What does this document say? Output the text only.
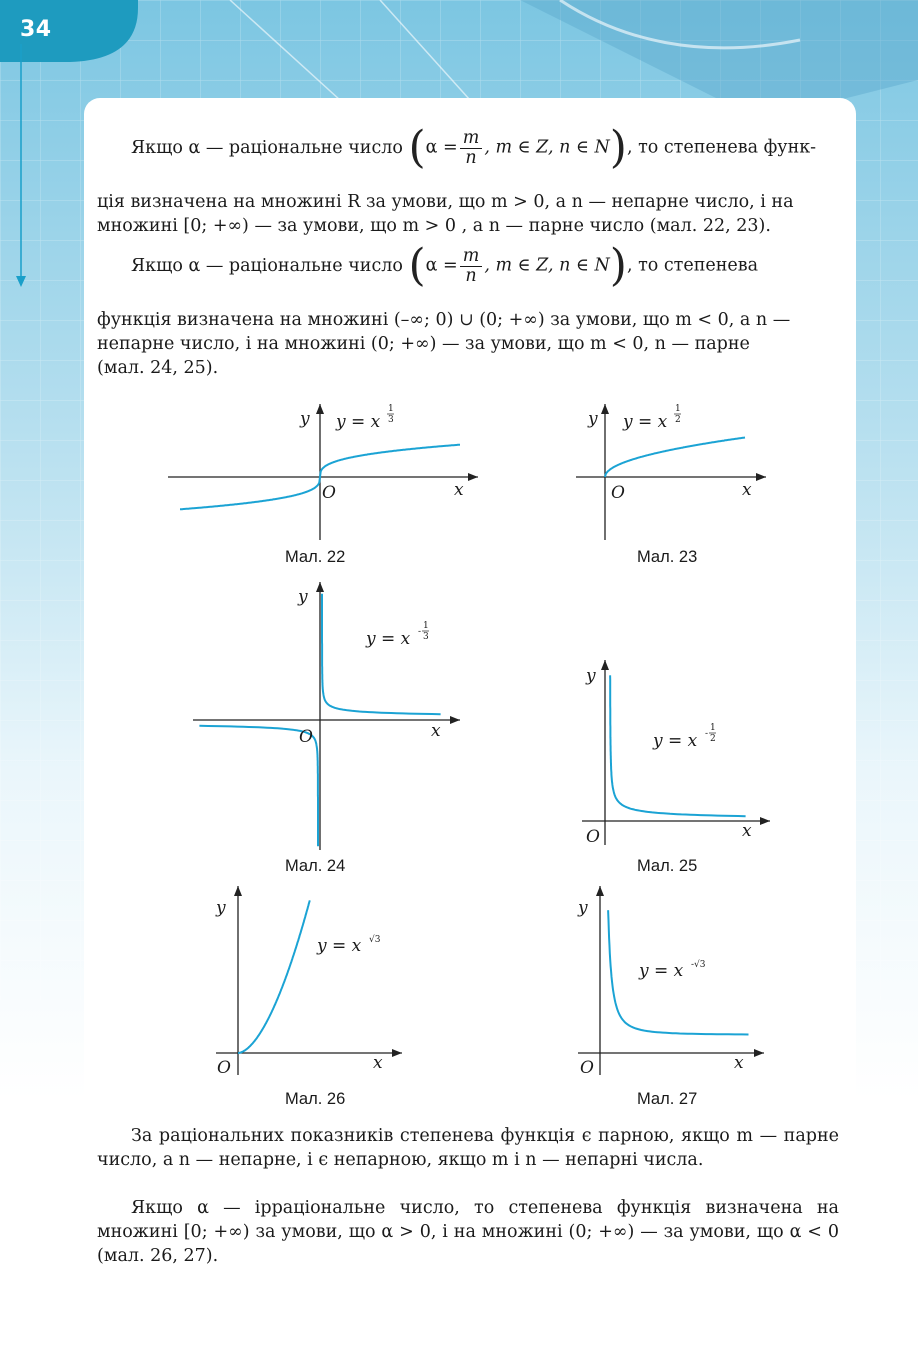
34
Якщо α — раціональне число ($\alpha = \frac{m}{n}$ , m ∈ Z, n ∈ N), то степенева функ-
ція визначена на множині R за умови, що m > 0, а n — непарне число, і на
множині [0; +∞) — за умови, що m > 0 , а n — парне число (мал. 22, 23).
Якщо α — раціональне число ($\alpha = \frac{m}{n}$ , m ∈ Z, n ∈ N), то степенева
функція визначена на множині (–∞; 0) ∪ (0; +∞) за умови, що m < 0, а n —
непарне число, і на множині (0; +∞) — за умови, що m < 0, n — парне
(мал. 24, 25).
y
x
O
y = x
1
3	y
x
O
y = x
1
2
y
x
O
y = x -
1
3
y
x
O
y = x -
1
2
y
x
O
y = x √3
y
x
O
y = x -√3
Мал. 22	Мал. 23
Мал. 24	Мал. 25
Мал. 26	Мал. 27

За раціональних показників степенева функція є парною, якщо m — парне число, а n — непарне, і є непарною, якщо m і n — непарні числа.

Якщо α — ірраціональне число, то степенева функція визначена на множині [0; +∞) за умови, що α > 0, і на множині (0; +∞) — за умови, що α < 0 (мал. 26, 27).
